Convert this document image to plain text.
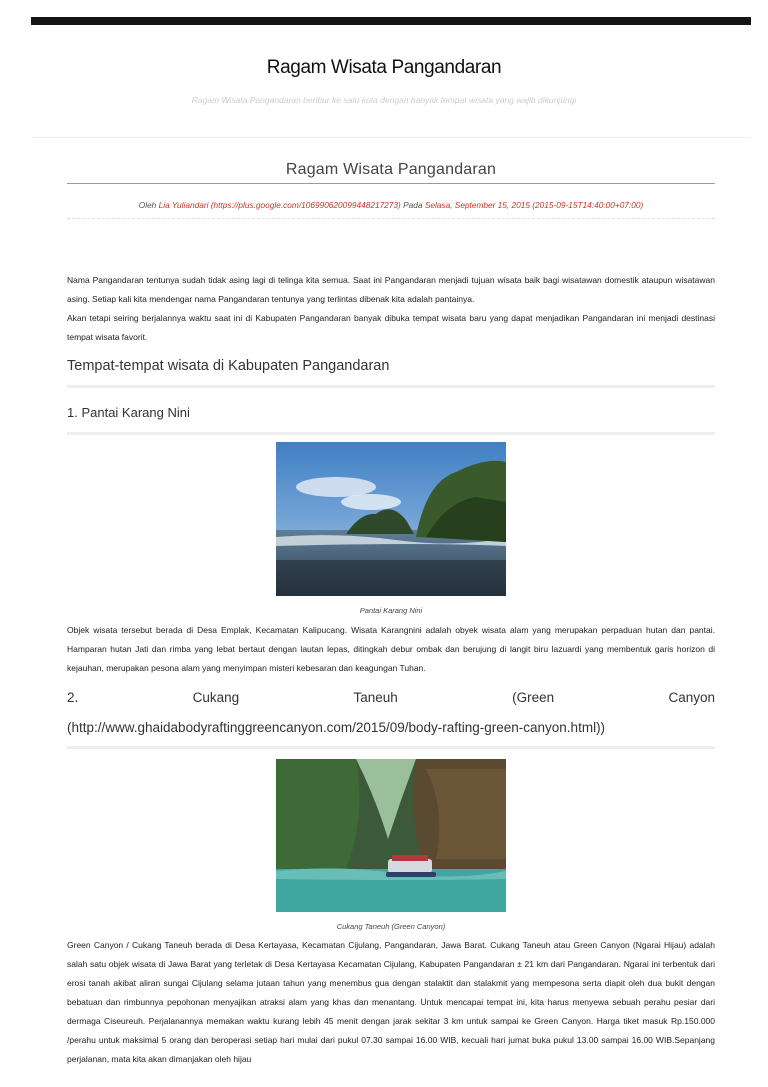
Ragam Wisata Pangandaran
Ragam Wisata Pangandaran beribur ke satu kota dengan banyak tempat wisata yang wajib dikunjungi
Ragam Wisata Pangandaran
Oleh Lia Yuliandari (https://plus.google.com/106990620099448217273) Pada Selasa, September 15, 2015 (2015-09-15T14:40:00+07:00)

Nama Pangandaran tentunya sudah tidak asing lagi di telinga kita semua. Saat ini Pangandaran menjadi tujuan wisata baik bagi wisatawan domestik ataupun wisatawan asing. Setiap kali kita mendengar nama Pangandaran tentunya yang terlintas dibenak kita adalah pantainya.

Akan tetapi seiring berjalannya waktu saat ini di Kabupaten Pangandaran banyak dibuka tempat wisata baru yang dapat menjadikan Pangandaran ini menjadi destinasi tempat wisata favorit.

Tempat-tempat wisata di Kabupaten Pangandaran
1. Pantai Karang Nini
Pantai Karang Nini

Objek wisata tersebut berada di Desa Emplak, Kecamatan Kalipucang. Wisata Karangnini adalah obyek wisata alam yang merupakan perpaduan hutan dan pantai. Hamparan hutan Jati dan rimba yang lebat bertaut dengan lautan lepas, ditingkah debur ombak dan berujung di langit biru lazuardi yang membentuk garis horizon di kejauhan, merupakan pesona alam yang menyimpan misteri kebesaran dan keagungan Tuhan.

2.	Cukang	Taneuh	(Green	Canyon
(http://www.ghaidabodyraftinggreencanyon.com/2015/09/body-rafting-green-canyon.html))
Cukang Taneuh (Green Canyon)

Green Canyon / Cukang Taneuh berada di Desa Kertayasa, Kecamatan Cijulang, Pangandaran, Jawa Barat. Cukang Taneuh atau Green Canyon (Ngarai Hijau) adalah salah satu objek wisata di Jawa Barat yang terletak di Desa Kertayasa Kecamatan Cijulang, Kabupaten Pangandaran ± 21 km dari Pangandaran. Ngarai ini terbentuk dari erosi tanah akibat aliran sungai Cijulang selama jutaan tahun yang menembus gua dengan stalaktit dan stalakmit yang mempesona serta diapit oleh dua bukit dengan bebatuan dan rimbunnya pepohonan menyajikan atraksi alam yang khas dan menantang. Untuk mencapai tempat ini, kita harus menyewa sebuah perahu pesiar dari dermaga Ciseureuh. Perjalanannya memakan waktu kurang lebih 45 menit dengan jarak sekitar 3 km untuk sampai ke Green Canyon. Harga tiket masuk Rp.150.000 /perahu untuk maksimal 5 orang dan beroperasi setiap hari mulai dari pukul 07.30 sampai 16.00 WIB, kecuali hari jumat buka pukul 13.00 sampai 16.00 WIB.Sepanjang perjalanan, mata kita akan dimanjakan oleh hijau
